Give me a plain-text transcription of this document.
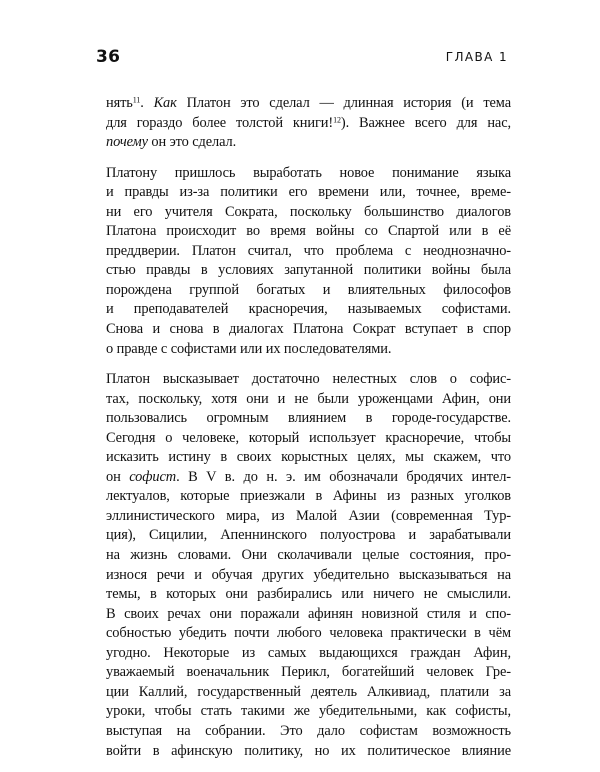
36	ГЛАВА 1
нять$^{11}$. Как Платон это сделал — длинная история (и тема
для гораздо более толстой книги!$^{12}$). Важнее всего для нас,
почему он это сделал.
Платону пришлось выработать новое понимание языка
и правды из-за политики его времени или, точнее, време-
ни его учителя Сократа, поскольку большинство диалогов
Платона происходит во время войны со Спартой или в её
преддверии. Платон считал, что проблема с неоднозначно-
стью правды в условиях запутанной политики войны была
порождена группой богатых и влиятельных философов
и преподавателей красноречия, называемых софистами.
Снова и снова в диалогах Платона Сократ вступает в спор
о правде с софистами или их последователями.
Платон высказывает достаточно нелестных слов о софис-
тах, поскольку, хотя они и не были уроженцами Афин, они
пользовались огромным влиянием в городе-государстве.
Сегодня о человеке, который использует красноречие, чтобы
исказить истину в своих корыстных целях, мы скажем, что
он софист. В V в. до н. э. им обозначали бродячих интел-
лектуалов, которые приезжали в Афины из разных уголков
эллинистического мира, из Малой Азии (современная Тур-
ция), Сицилии, Апеннинского полуострова и зарабатывали
на жизнь словами. Они сколачивали целые состояния, про-
износя речи и обучая других убедительно высказываться на
темы, в которых они разбирались или ничего не смыслили.
В своих речах они поражали афинян новизной стиля и спо-
собностью убедить почти любого человека практически в чём
угодно. Некоторые из самых выдающихся граждан Афин,
уважаемый военачальник Перикл, богатейший человек Гре-
ции Каллий, государственный деятель Алкивиад, платили за
уроки, чтобы стать такими же убедительными, как софисты,
выступая на собрании. Это дало софистам возможность
войти в афинскую политику, но их политическое влияние
